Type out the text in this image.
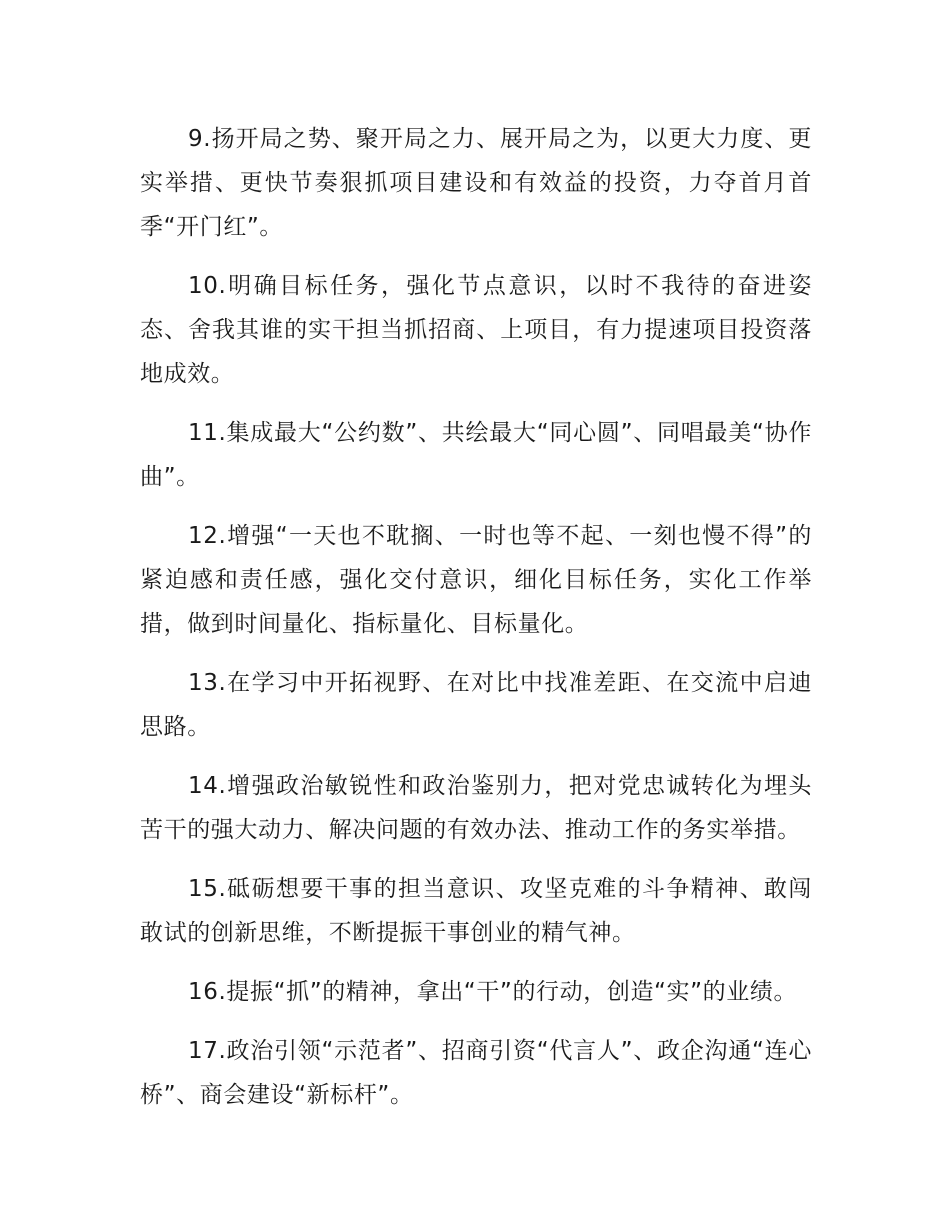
9.扬开局之势、聚开局之力、展开局之为，以更大力度、更实举措、更快节奏狠抓项目建设和有效益的投资，力夺首月首季“开门红”。

10.明确目标任务，强化节点意识，以时不我待的奋进姿态、舍我其谁的实干担当抓招商、上项目，有力提速项目投资落地成效。

11.集成最大“公约数”、共绘最大“同心圆”、同唱最美“协作曲”。

12.增强“一天也不耽搁、一时也等不起、一刻也慢不得”的紧迫感和责任感，强化交付意识，细化目标任务，实化工作举措，做到时间量化、指标量化、目标量化。

13.在学习中开拓视野、在对比中找准差距、在交流中启迪思路。

14.增强政治敏锐性和政治鉴别力，把对党忠诚转化为埋头苦干的强大动力、解决问题的有效办法、推动工作的务实举措。

15.砥砺想要干事的担当意识、攻坚克难的斗争精神、敢闯敢试的创新思维，不断提振干事创业的精气神。

16.提振“抓”的精神，拿出“干”的行动，创造“实”的业绩。

17.政治引领“示范者”、招商引资“代言人”、政企沟通“连心桥”、商会建设“新标杆”。
